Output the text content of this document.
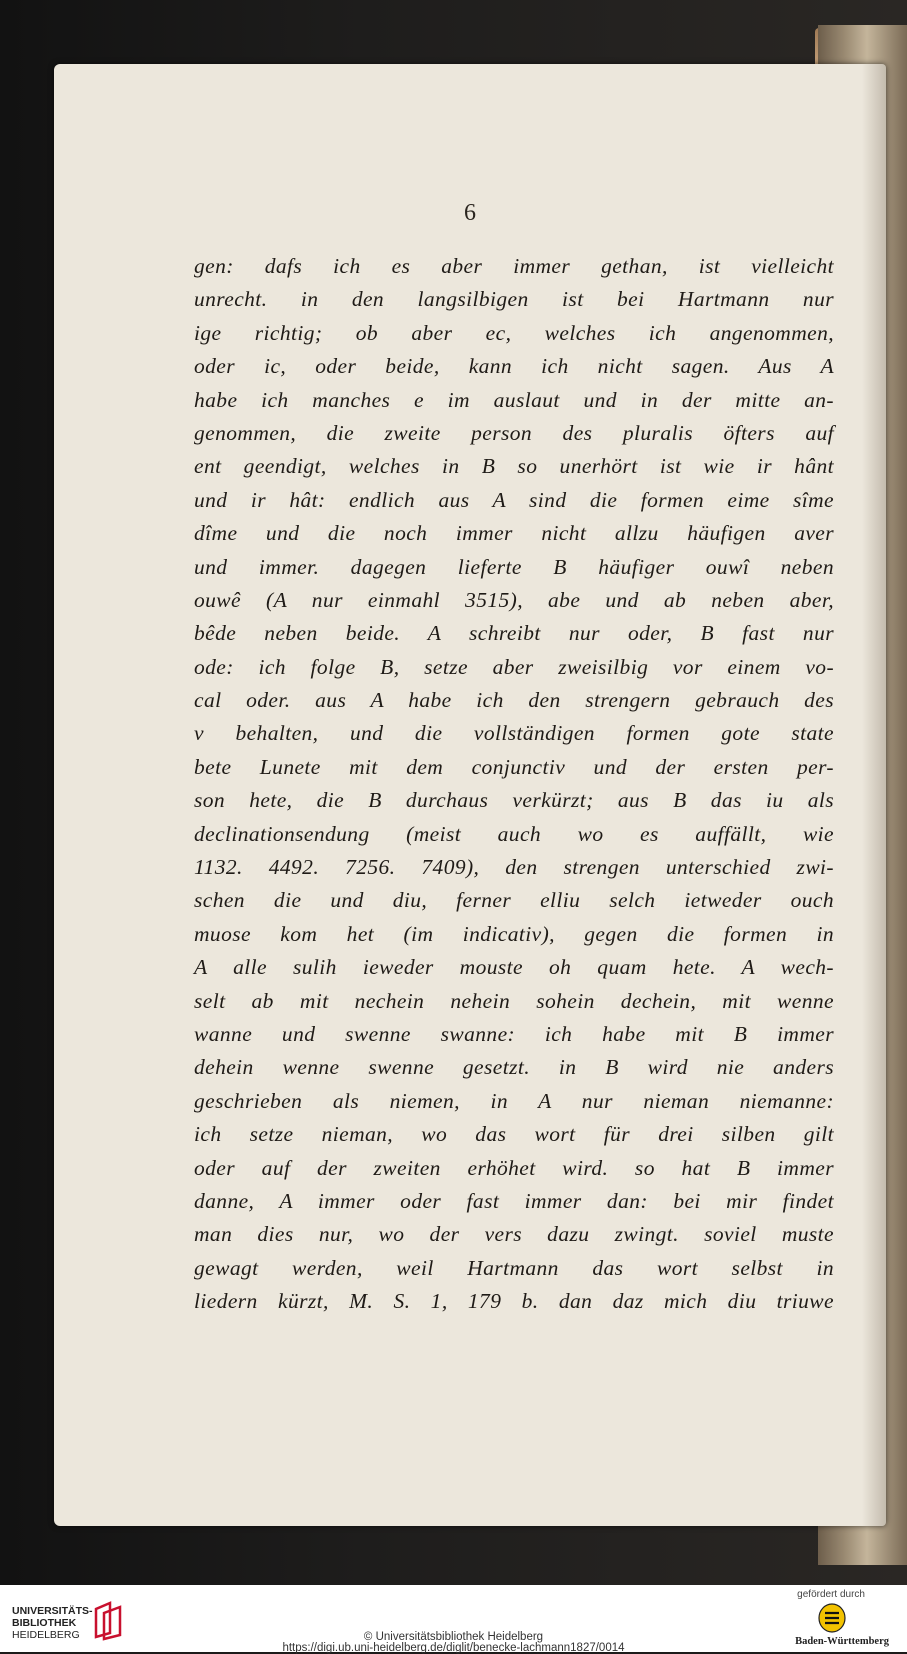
6
gen: dafs ich es aber immer gethan, ist vielleicht
unrecht. in den langsilbigen ist bei Hartmann nur
ige richtig; ob aber ec, welches ich angenommen,
oder ic, oder beide, kann ich nicht sagen. Aus A
habe ich manches e im auslaut und in der mitte an-
genommen, die zweite person des pluralis öfters auf
ent geendigt, welches in B so unerhört ist wie ir hânt
und ir hât: endlich aus A sind die formen eime sîme
dîme und die noch immer nicht allzu häufigen aver
und immer. dagegen lieferte B häufiger ouwî neben
ouwê (A nur einmahl 3515), abe und ab neben aber,
bêde neben beide. A schreibt nur oder, B fast nur
ode: ich folge B, setze aber zweisilbig vor einem vo-
cal oder. aus A habe ich den strengern gebrauch des
v behalten, und die vollständigen formen gote state
bete Lunete mit dem conjunctiv und der ersten per-
son hete, die B durchaus verkürzt; aus B das iu als
declinationsendung (meist auch wo es auffällt, wie
1132. 4492. 7256. 7409), den strengen unterschied zwi-
schen die und diu, ferner elliu selch ietweder ouch
muose kom het (im indicativ), gegen die formen in
A alle sulih ieweder mouste oh quam hete. A wech-
selt ab mit nechein nehein sohein dechein, mit wenne
wanne und swenne swanne: ich habe mit B immer
dehein wenne swenne gesetzt. in B wird nie anders
geschrieben als niemen, in A nur nieman niemanne:
ich setze nieman, wo das wort für drei silben gilt
oder auf der zweiten erhöhet wird. so hat B immer
danne, A immer oder fast immer dan: bei mir findet
man dies nur, wo der vers dazu zwingt. soviel muste
gewagt werden, weil Hartmann das wort selbst in
liedern kürzt, M. S. 1, 179 b. dan daz mich diu triuwe
UNIVERSITÄTS-
BIBLIOTHEK
HEIDELBERG	© Universitätsbibliothek Heidelberg
https://digi.ub.uni-heidelberg.de/diglit/benecke-lachmann1827/0014
gefördert durch
Baden-Württemberg
